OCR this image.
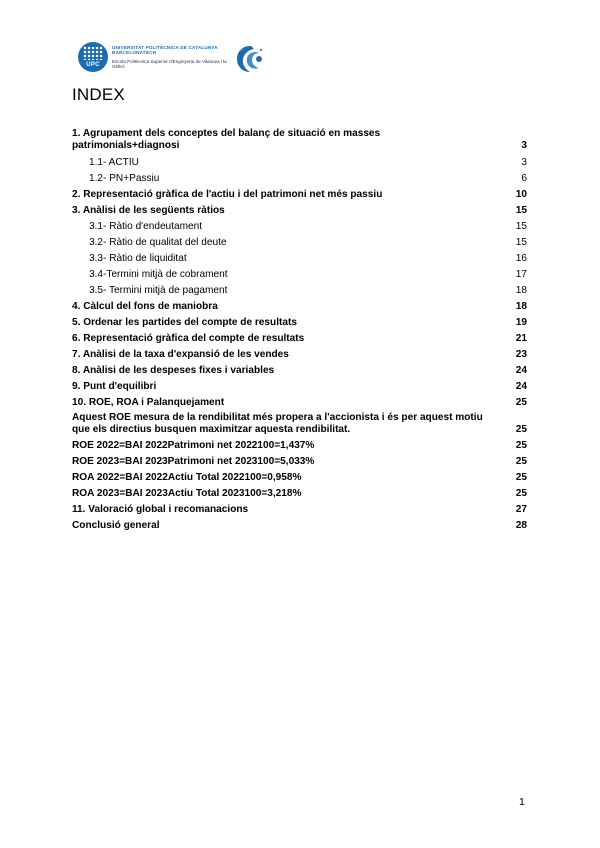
UPC
UNIVERSITAT POLITÈCNICA DE CATALUNYA BARCELONATECH
Escola Politècnica Superior d'Enginyeria de Vilanova i la Geltrú
INDEX
1. Agrupament dels conceptes del balanç de situació en masses patrimonials+diagnosi	3
1.1- ACTIU	3
1.2- PN+Passiu	6
2. Representació gràfica de l'actiu i del patrimoni net més passiu	10
3. Anàlisi de les següents ràtios	15
3.1- Ràtio d'endeutament	15
3.2- Ràtio de qualitat del deute	15
3.3- Ràtio de liquiditat	16
3.4-Termini mitjà de cobrament	17
3.5- Termini mitjà de pagament	18
4. Càlcul del fons de maniobra	18
5. Ordenar les partides del compte de resultats	19
6. Representació gràfica del compte de resultats	21
7. Anàlisi de la taxa d'expansió de les vendes	23
8. Anàlisi de les despeses fixes i variables	24
9. Punt d'equilibri	24
10. ROE, ROA i Palanquejament	25
Aquest ROE mesura de la rendibilitat més propera a l'accionista i és per aquest motiu que els directius busquen maximitzar aquesta rendibilitat.	25
ROE 2022=BAI 2022Patrimoni net 2022100=1,437%	25
ROE 2023=BAI 2023Patrimoni net 2023100=5,033%	25
ROA 2022=BAI 2022Actiu Total 2022100=0,958%	25
ROA 2023=BAI 2023Actiu Total 2023100=3,218%	25
11. Valoració global i recomanacions	27
Conclusió general	28
1
